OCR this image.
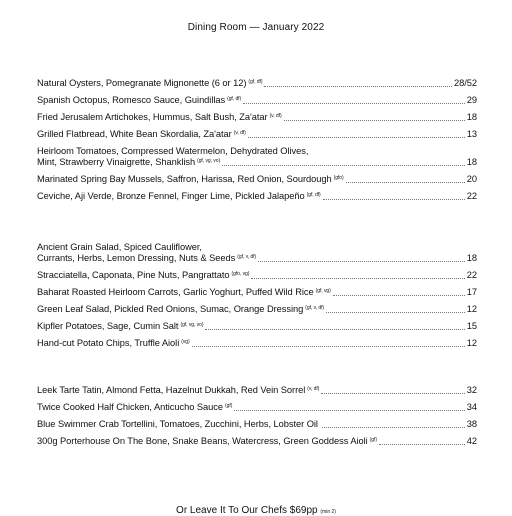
Dining Room — January 2022
Natural Oysters, Pomegranate Mignonette (6 or 12) (gf, df)	28/52
Spanish Octopus, Romesco Sauce, Guindillas (gf, df)	29
Fried Jerusalem Artichokes, Hummus, Salt Bush, Za'atar (v, df)	18
Grilled Flatbread, White Bean Skordalia, Za'atar (v, df)	13
Heirloom Tomatoes, Compressed Watermelon, Dehydrated Olives,
Mint, Strawberry Vinaigrette, Shanklish (gf, vg, vo)	18
Marinated Spring Bay Mussels, Saffron, Harissa, Red Onion, Sourdough (gfo)	20
Ceviche, Aji Verde, Bronze Fennel, Finger Lime, Pickled Jalapeño (gf, df)	22
Ancient Grain Salad, Spiced Cauliflower,
Currants, Herbs, Lemon Dressing, Nuts & Seeds (gf, v, df)	18
Stracciatella, Caponata, Pine Nuts, Pangrattato (gfo, vg)	22
Baharat Roasted Heirloom Carrots, Garlic Yoghurt, Puffed Wild Rice (gf, vg)	17
Green Leaf Salad, Pickled Red Onions, Sumac, Orange Dressing (gf, v, df)	12
Kipfler Potatoes, Sage, Cumin Salt (gf, vg, vo)	15
Hand-cut Potato Chips, Truffle Aioli (vg)	12
Leek Tarte Tatin, Almond Fetta, Hazelnut Dukkah, Red Vein Sorrel (v, df)	32
Twice Cooked Half Chicken, Anticucho Sauce (gf)	34
Blue Swimmer Crab Tortellini, Tomatoes, Zucchini, Herbs, Lobster Oil	38
300g Porterhouse On The Bone, Snake Beans, Watercress, Green Goddess Aioli (gf)	42
Or Leave It To Our Chefs $69pp (min 2)
